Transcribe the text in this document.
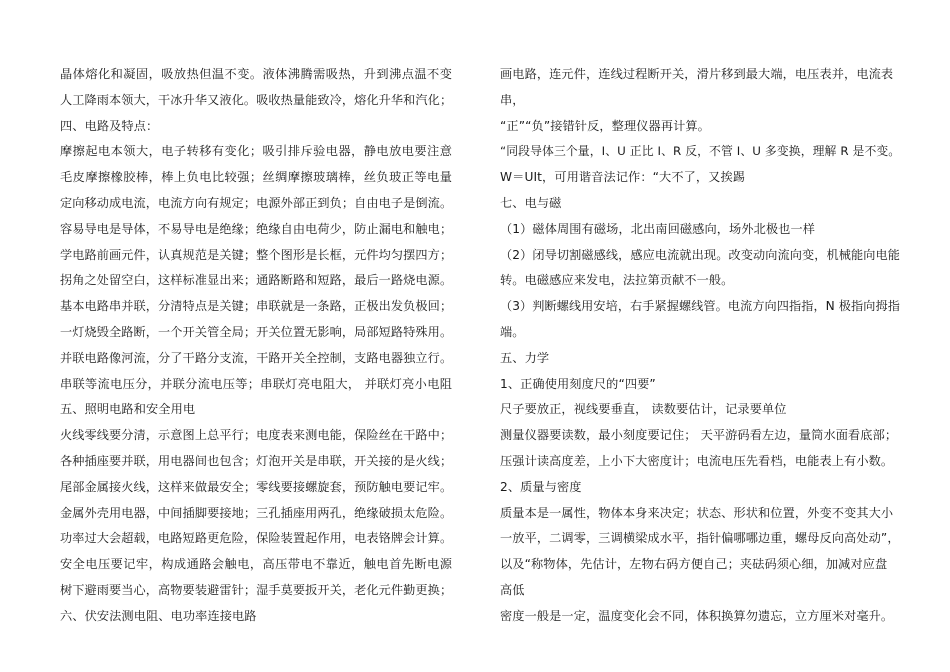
晶体熔化和凝固，吸放热但温不变。液体沸腾需吸热，升到沸点温不变
人工降雨本领大，干冰升华又液化。吸收热量能致冷，熔化升华和汽化；
四、电路及特点：
摩擦起电本领大，电子转移有变化；吸引排斥验电器，静电放电要注意
毛皮摩擦橡胶棒，棒上负电比较强；丝绸摩擦玻璃棒，丝负玻正等电量
定向移动成电流，电流方向有规定；电源外部正到负；自由电子是倒流。
容易导电是导体，不易导电是绝缘；绝缘自由电荷少，防止漏电和触电；
学电路前画元件，认真规范是关键；整个图形是长框，元件均匀摆四方；
拐角之处留空白，这样标准显出来；通路断路和短路，最后一路烧电源。
基本电路串并联，分清特点是关键；串联就是一条路，正极出发负极回；
一灯烧毁全路断，一个开关管全局；开关位置无影响，局部短路特殊用。
并联电路像河流，分了干路分支流，干路开关全控制，支路电器独立行。
串联等流电压分，并联分流电压等；串联灯亮电阻大， 并联灯亮小电阻
五、照明电路和安全用电
火线零线要分清，示意图上总平行；电度表来测电能，保险丝在干路中；
各种插座要并联，用电器间也包含；灯泡开关是串联，开关接的是火线；
尾部金属接火线，这样来做最安全；零线要接螺旋套，预防触电要记牢。
金属外壳用电器，中间插脚要接地；三孔插座用两孔，绝缘破损太危险。
功率过大会超载，电路短路更危险，保险装置起作用，电表铬牌会计算。
安全电压要记牢，构成通路会触电，高压带电不靠近，触电首先断电源
树下避雨要当心，高物要装避雷针；湿手莫要扳开关，老化元件勤更换；
六、伏安法测电阻、电功率连接电路
画电路，连元件，连线过程断开关，滑片移到最大端，电压表并，电流表
串，
“正”“负”接错针反，整理仪器再计算。
“同段导体三个量，I、U 正比 I、R 反，不管 I、U 多变换，理解 R 是不变。
W＝UIt，可用谐音法记作：“大不了，又挨踢
七、电与磁
（1）磁体周围有磁场，北出南回磁感向，场外北极也一样
（2）闭导切割磁感线，感应电流就出现。改变动向流向变，机械能向电能
转。电磁感应来发电，法拉第贡献不一般。
（3）判断螺线用安培，右手紧握螺线管。电流方向四指指，N 极指向拇指
端。
五、力学
1、正确使用刻度尺的“四要”
尺子要放正，视线要垂直， 读数要估计，记录要单位
测量仪器要读数，最小刻度要记住； 天平游码看左边，量筒水面看底部；
压强计读高度差，上小下大密度计；电流电压先看档，电能表上有小数。
2、质量与密度
质量本是一属性，物体本身来决定；状态、形状和位置，外变不变其大小
一放平，二调零，三调横梁成水平，指针偏哪哪边重，螺母反向高处动”，
以及“称物体，先估计，左物右码方便自己；夹砝码须心细，加减对应盘
高低
密度一般是一定，温度变化会不同，体积换算勿遗忘，立方厘米对毫升。
